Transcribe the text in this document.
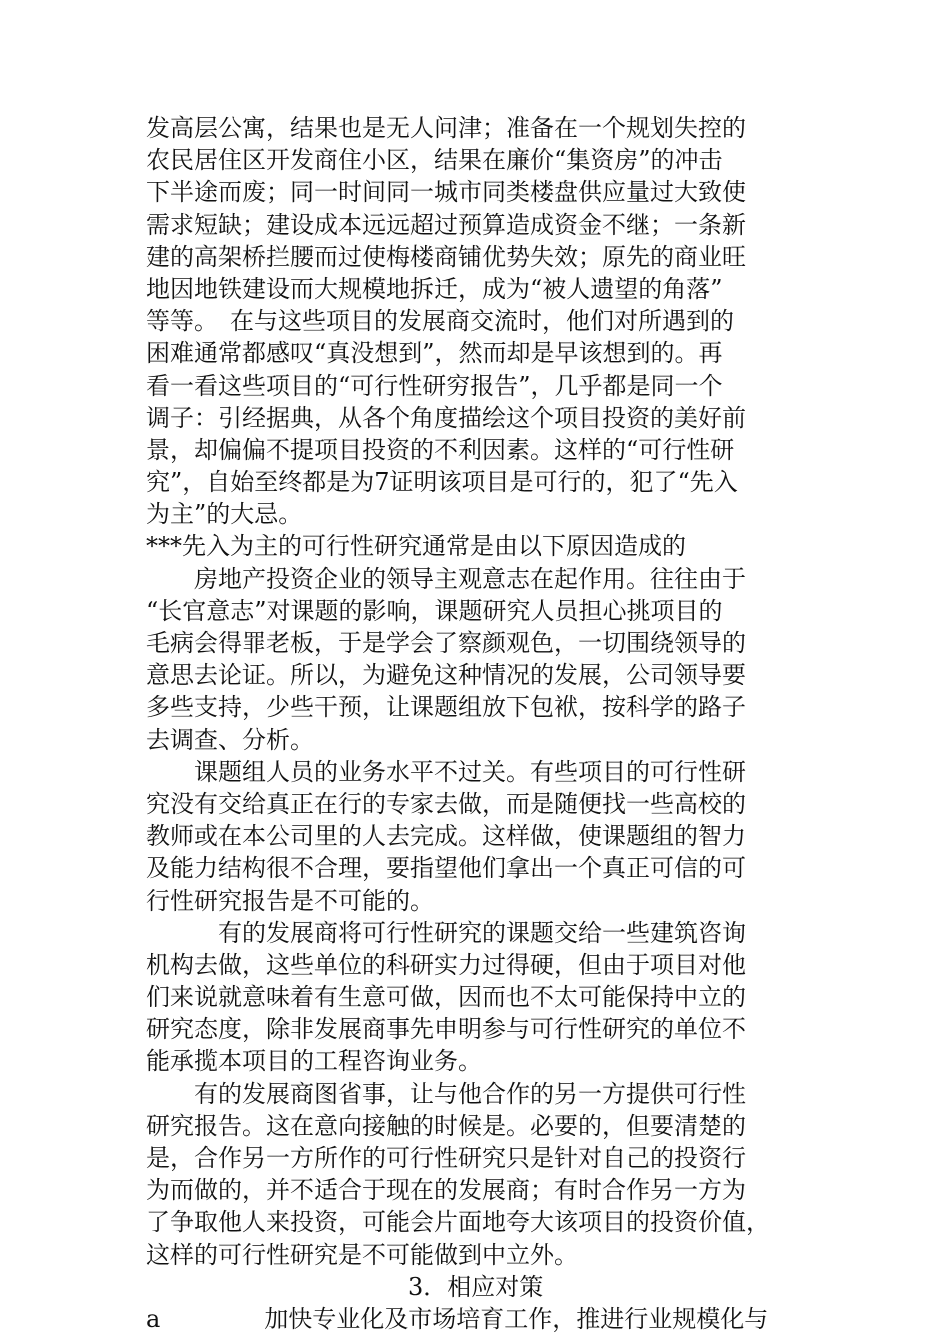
发高层公寓，结果也是无人问津；准备在一个规划失控的
农民居住区开发商住小区，结果在廉价“集资房”的冲击
下半途而废；同一时间同一城市同类楼盘供应量过大致使
需求短缺；建设成本远远超过预算造成资金不继；一条新
建的高架桥拦腰而过使梅楼商铺优势失效；原先的商业旺
地因地铁建设而大规模地拆迁，成为“被人遗望的角落”
等等。　在与这些项目的发展商交流时，他们对所遇到的
困难通常都感叹“真没想到”，然而却是早该想到的。再
看一看这些项目的“可行性研穷报告”，几乎都是同一个
调子：引经据典，从各个角度描绘这个项目投资的美好前
景，却偏偏不提项目投资的不利因素。这样的“可行性研
究”，自始至终都是为7证明该项目是可行的，犯了“先入
为主”的大忌。
***先入为主的可行性研究通常是由以下原因造成的
房地产投资企业的领导主观意志在起作用。往往由于
“长官意志”对课题的影响，课题研究人员担心挑项目的
毛病会得罪老板，于是学会了察颜观色，一切围绕领导的
意思去论证。所以，为避免这种情况的发展，公司领导要
多些支持，少些干预，让课题组放下包袱，按科学的路子
去调查、分析。
课题组人员的业务水平不过关。有些项目的可行性研
究没有交给真正在行的专家去做，而是随便找一些高校的
教师或在本公司里的人去完成。这样做，使课题组的智力
及能力结构很不合理，要指望他们拿出一个真正可信的可
行性研究报告是不可能的。
有的发展商将可行性研究的课题交给一些建筑咨询
机构去做，这些单位的科研实力过得硬，但由于项目对他
们来说就意味着有生意可做，因而也不太可能保持中立的
研究态度，除非发展商事先申明参与可行性研究的单位不
能承揽本项目的工程咨询业务。
有的发展商图省事，让与他合作的另一方提供可行性
研究报告。这在意向接触的时候是。必要的，但要清楚的
是，合作另一方所作的可行性研究只是针对自己的投资行
为而做的，并不适合于现在的发展商；有时合作另一方为
了争取他人来投资，可能会片面地夸大该项目的投资价值，
这样的可行性研究是不可能做到中立外。
3．相应对策
a	加快专业化及市场培育工作，推进行业规模化与
